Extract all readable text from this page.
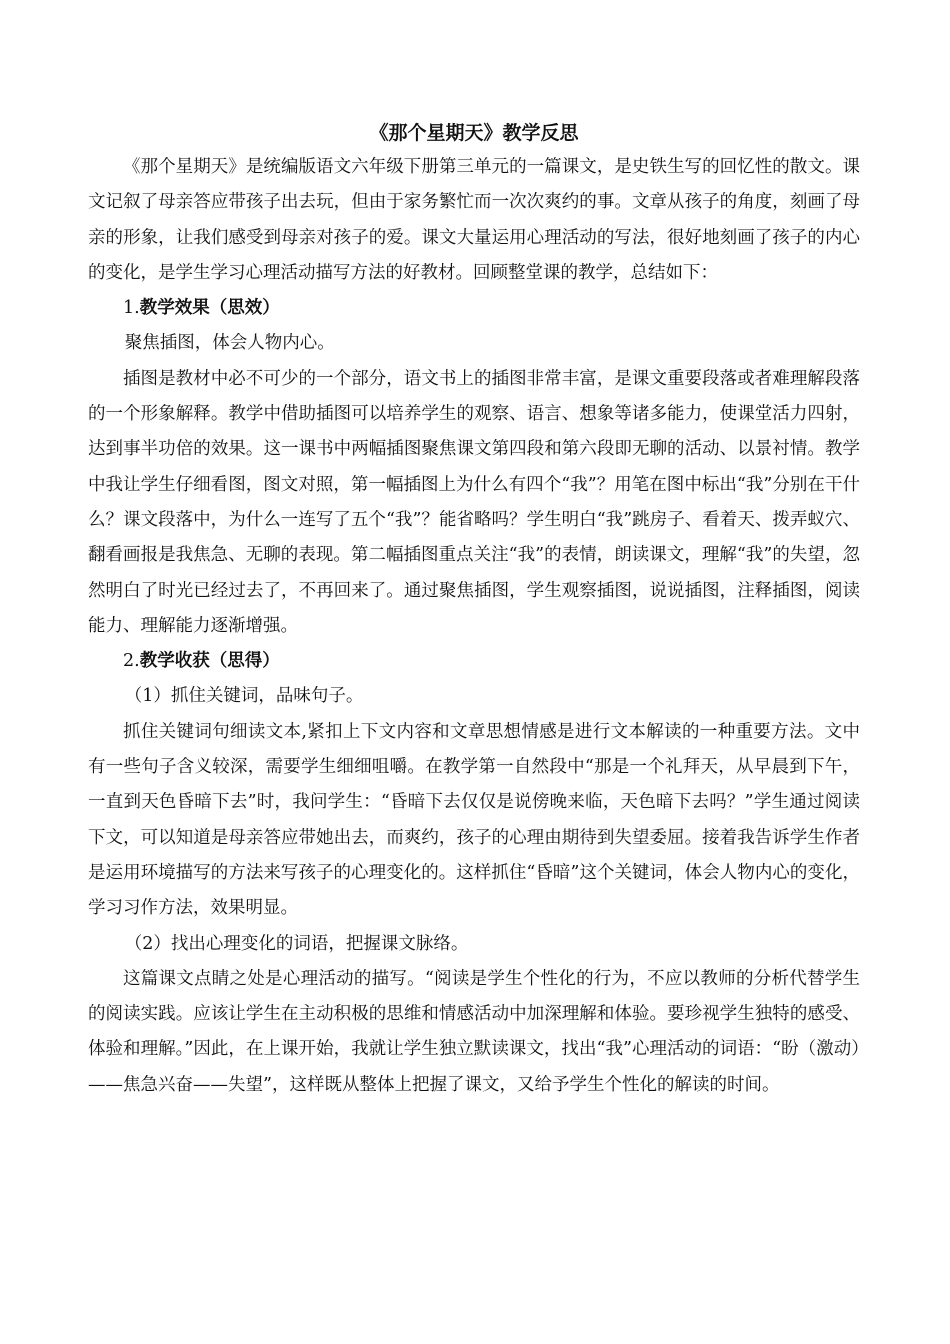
《那个星期天》教学反思

《那个星期天》是统编版语文六年级下册第三单元的一篇课文，是史铁生写的回忆性的散文。课文记叙了母亲答应带孩子出去玩，但由于家务繁忙而一次次爽约的事。文章从孩子的角度，刻画了母亲的形象，让我们感受到母亲对孩子的爱。课文大量运用心理活动的写法，很好地刻画了孩子的内心的变化，是学生学习心理活动描写方法的好教材。回顾整堂课的教学，总结如下：

1.教学效果（思效）
聚焦插图，体会人物内心。

插图是教材中必不可少的一个部分，语文书上的插图非常丰富，是课文重要段落或者难理解段落的一个形象解释。教学中借助插图可以培养学生的观察、语言、想象等诸多能力，使课堂活力四射，达到事半功倍的效果。这一课书中两幅插图聚焦课文第四段和第六段即无聊的活动、以景衬情。教学中我让学生仔细看图，图文对照，第一幅插图上为什么有四个“我”？用笔在图中标出“我”分别在干什么？课文段落中，为什么一连写了五个“我”？能省略吗？学生明白“我”跳房子、看着天、拨弄蚁穴、翻看画报是我焦急、无聊的表现。第二幅插图重点关注“我”的表情，朗读课文，理解“我”的失望，忽然明白了时光已经过去了，不再回来了。通过聚焦插图，学生观察插图，说说插图，注释插图，阅读能力、理解能力逐渐增强。

2.教学收获（思得）
（1）抓住关键词，品味句子。

抓住关键词句细读文本,紧扣上下文内容和文章思想情感是进行文本解读的一种重要方法。文中有一些句子含义较深，需要学生细细咀嚼。在教学第一自然段中“那是一个礼拜天，从早晨到下午，一直到天色昏暗下去”时，我问学生：“昏暗下去仅仅是说傍晚来临，天色暗下去吗？”学生通过阅读下文，可以知道是母亲答应带她出去，而爽约，孩子的心理由期待到失望委屈。接着我告诉学生作者是运用环境描写的方法来写孩子的心理变化的。这样抓住“昏暗”这个关键词，体会人物内心的变化，学习习作方法，效果明显。

（2）找出心理变化的词语，把握课文脉络。

这篇课文点睛之处是心理活动的描写。“阅读是学生个性化的行为，不应以教师的分析代替学生的阅读实践。应该让学生在主动积极的思维和情感活动中加深理解和体验。要珍视学生独特的感受、体验和理解。”因此，在上课开始，我就让学生独立默读课文，找出“我”心理活动的词语：“盼（激动）——焦急兴奋——失望”，这样既从整体上把握了课文，又给予学生个性化的解读的时间。
